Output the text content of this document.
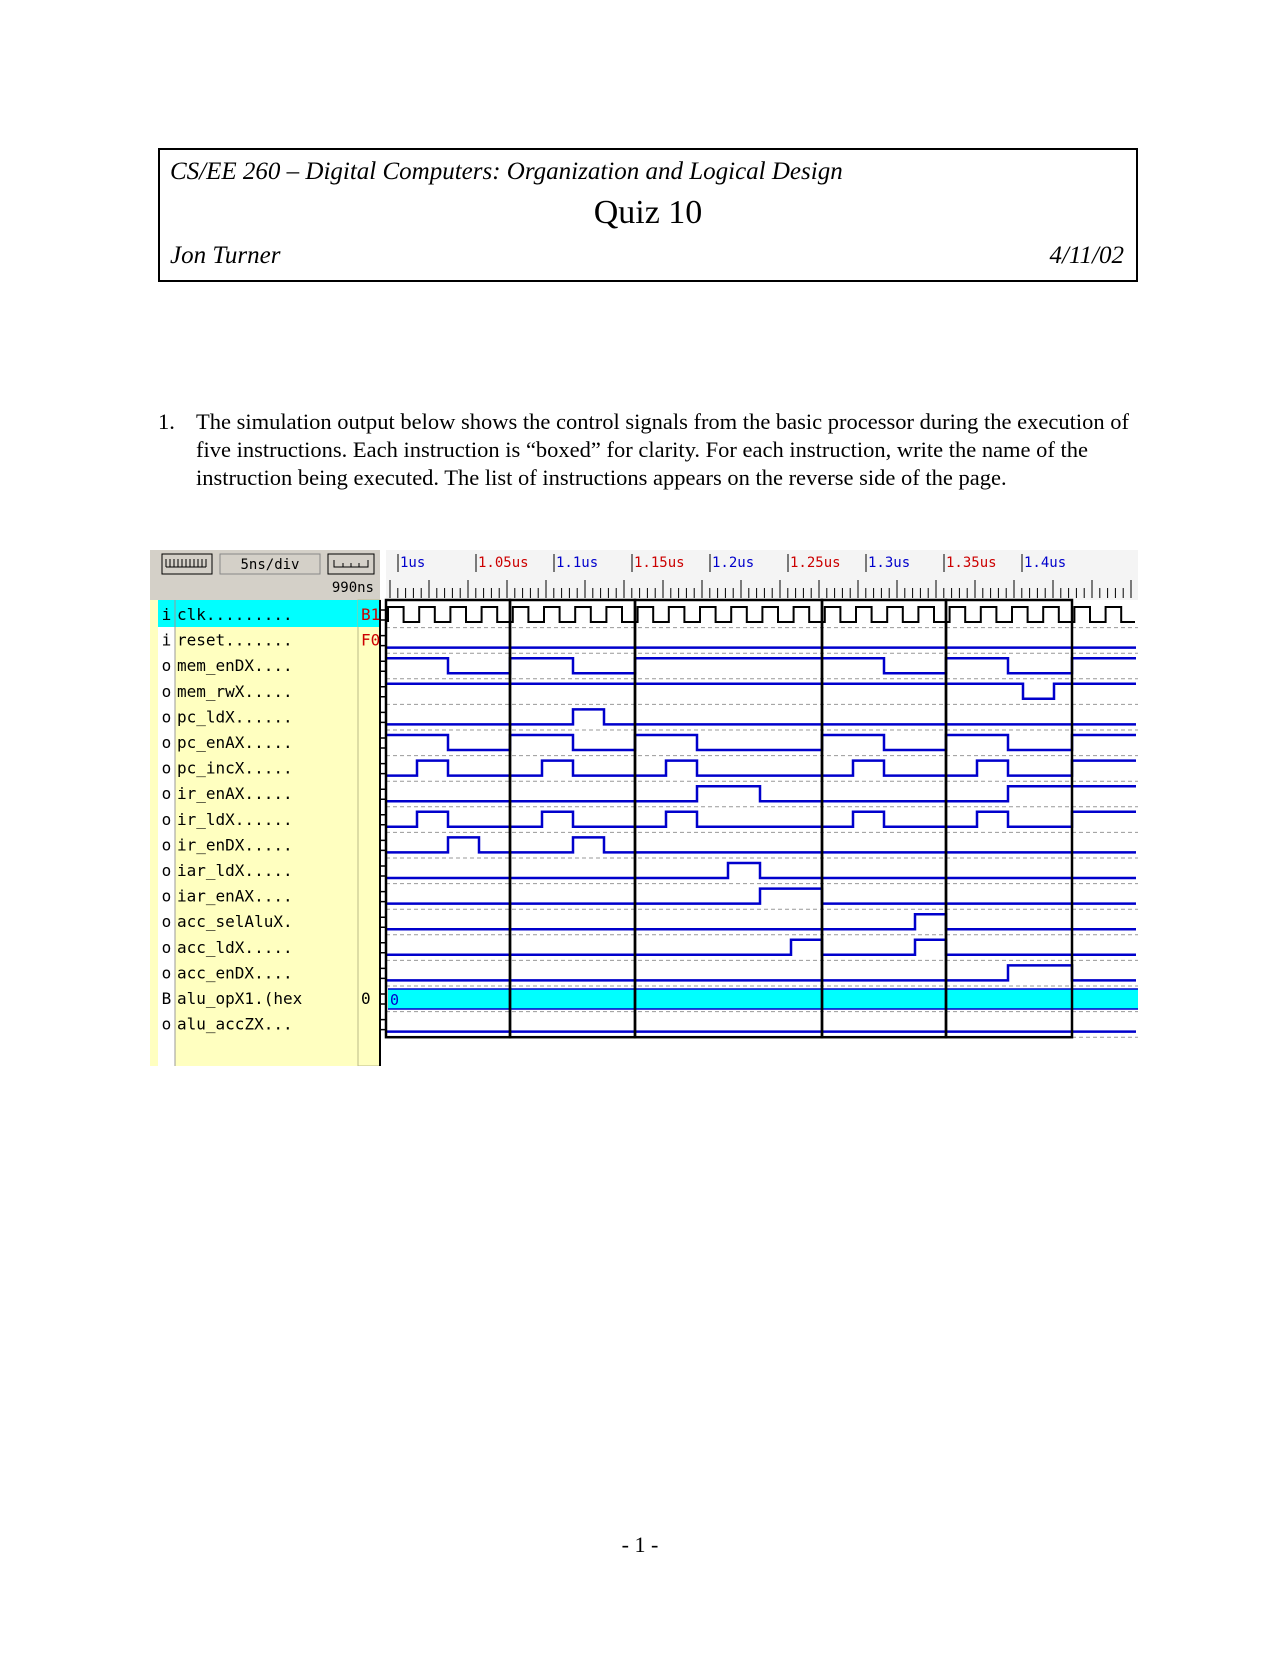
CS/EE 260 – Digital Computers: Organization and Logical Design
Quiz 10
Jon Turner	4/11/02
1. The simulation output below shows the control signals from the basic processor during the execution of five instructions. Each instruction is “boxed” for clarity. For each instruction, write the name of the instruction being executed. The list of instructions appears on the reverse side of the page.
5ns/div
990ns
1us	1.05us 1.1us	1.15us 1.2us	1.25us 1.3us	1.35us 1.4us
i clk.........	B1
i reset.......	F0
o mem_enDX....
o mem_rwX.....
o pc_ldX......
o pc_enAX.....
o pc_incX.....
o ir_enAX.....
o ir_ldX......
o ir_enDX.....
o iar_ldX.....
o iar_enAX....
o acc_selAluX.
o acc_ldX.....
o acc_enDX....
B alu_opX1.(hex	0
o alu_accZX...
0
- 1 -
